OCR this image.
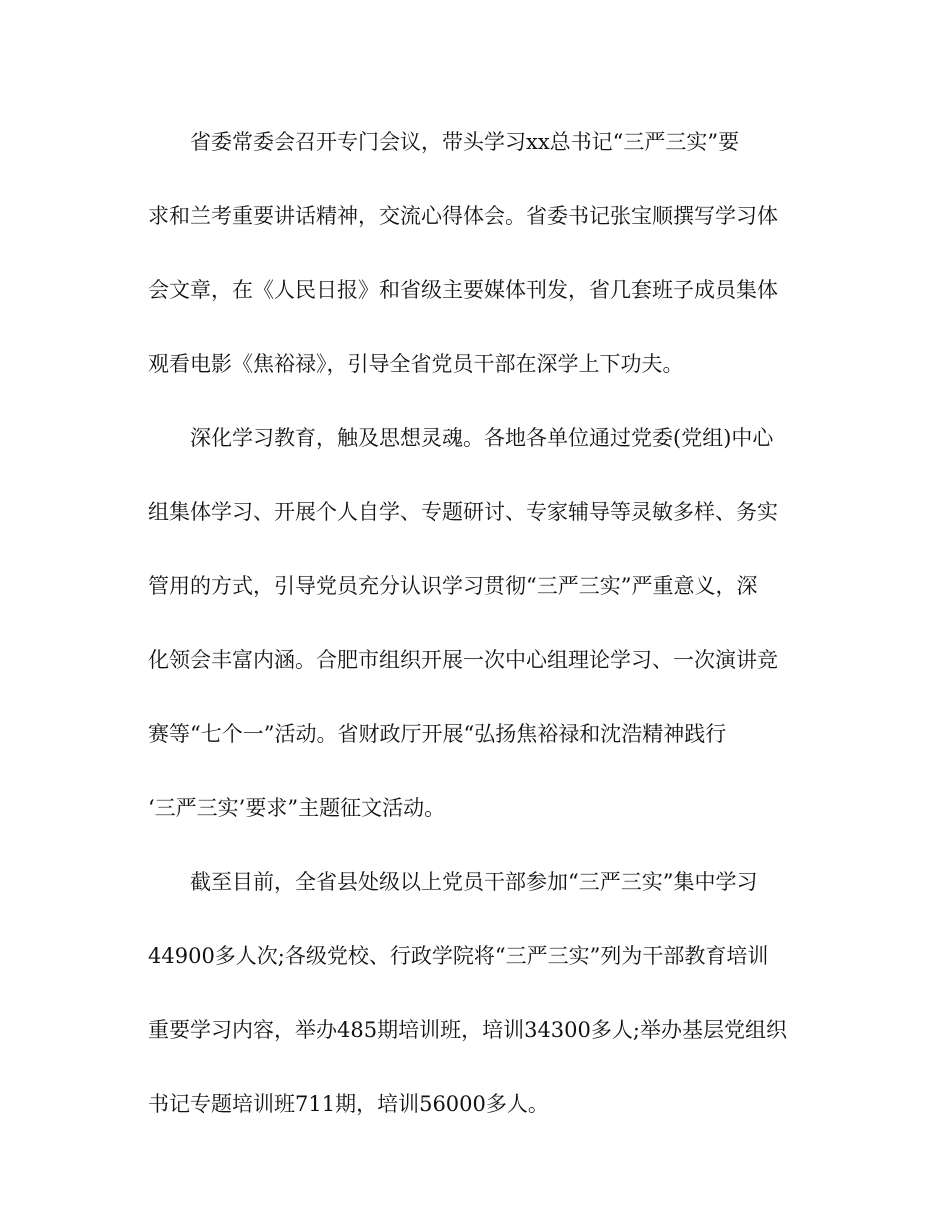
省委常委会召开专门会议，带头学习xx总书记“三严三实”要
求和兰考重要讲话精神，交流心得体会。省委书记张宝顺撰写学习体
会文章，在《人民日报》和省级主要媒体刊发，省几套班子成员集体
观看电影《焦裕禄》，引导全省党员干部在深学上下功夫。
深化学习教育，触及思想灵魂。各地各单位通过党委(党组)中心
组集体学习、开展个人自学、专题研讨、专家辅导等灵敏多样、务实
管用的方式，引导党员充分认识学习贯彻“三严三实”严重意义，深
化领会丰富内涵。合肥市组织开展一次中心组理论学习、一次演讲竞
赛等“七个一”活动。省财政厅开展“弘扬焦裕禄和沈浩精神践行
‘三严三实’要求”主题征文活动。
截至目前，全省县处级以上党员干部参加“三严三实”集中学习
44900多人次;各级党校、行政学院将“三严三实”列为干部教育培训
重要学习内容，举办485期培训班，培训34300多人;举办基层党组织
书记专题培训班711期，培训56000多人。
